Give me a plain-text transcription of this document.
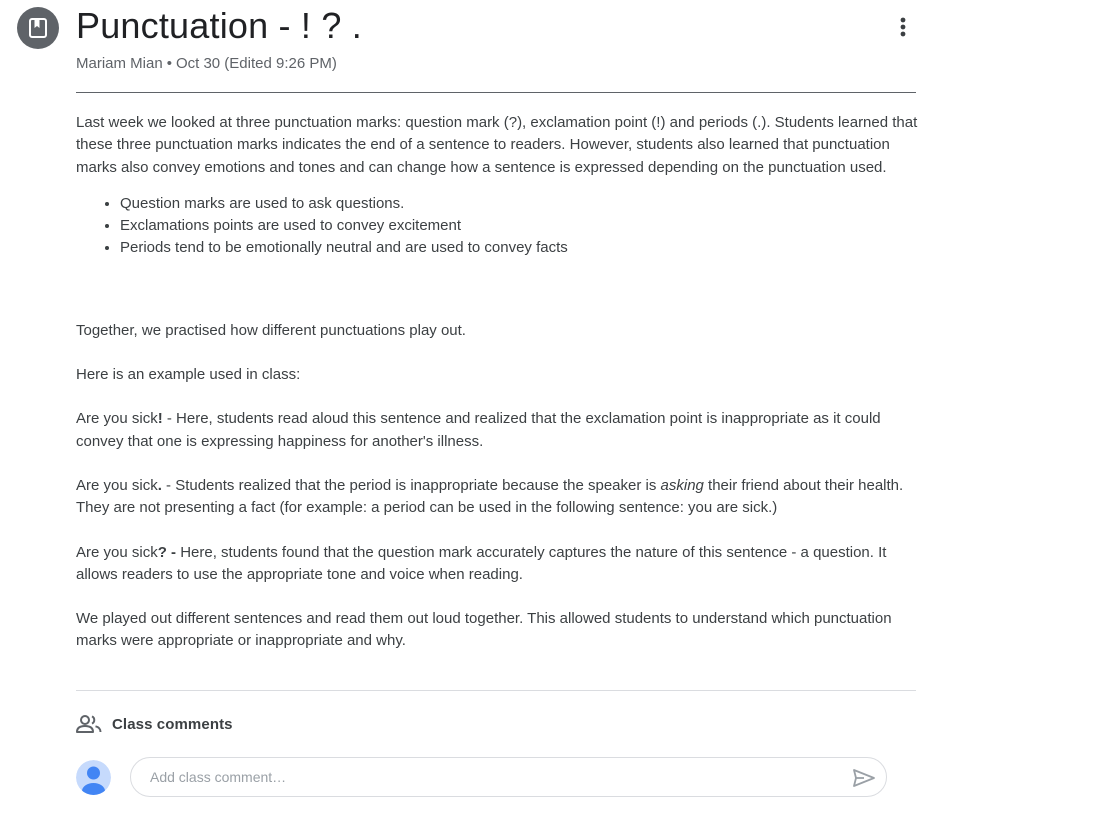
Punctuation - ! ? .
Mariam Mian • Oct 30 (Edited 9:26 PM)

Last week we looked at three punctuation marks: question mark (?), exclamation point (!) and periods (.). Students learned that these three punctuation marks indicates the end of a sentence to readers. However, students also learned that punctuation marks also convey emotions and tones and can change how a sentence is expressed depending on the punctuation used.

• Question marks are used to ask questions.
• Exclamations points are used to convey excitement
• Periods tend to be emotionally neutral and are used to convey facts

Together, we practised how different punctuations play out.

Here is an example used in class:

Are you sick! - Here, students read aloud this sentence and realized that the exclamation point is inappropriate as it could convey that one is expressing happiness for another's illness.

Are you sick. - Students realized that the period is inappropriate because the speaker is asking their friend about their health. They are not presenting a fact (for example: a period can be used in the following sentence: you are sick.)

Are you sick? - Here, students found that the question mark accurately captures the nature of this sentence - a question. It allows readers to use the appropriate tone and voice when reading.

We played out different sentences and read them out loud together. This allowed students to understand which punctuation marks were appropriate or inappropriate and why.

Class comments
Add class comment…
